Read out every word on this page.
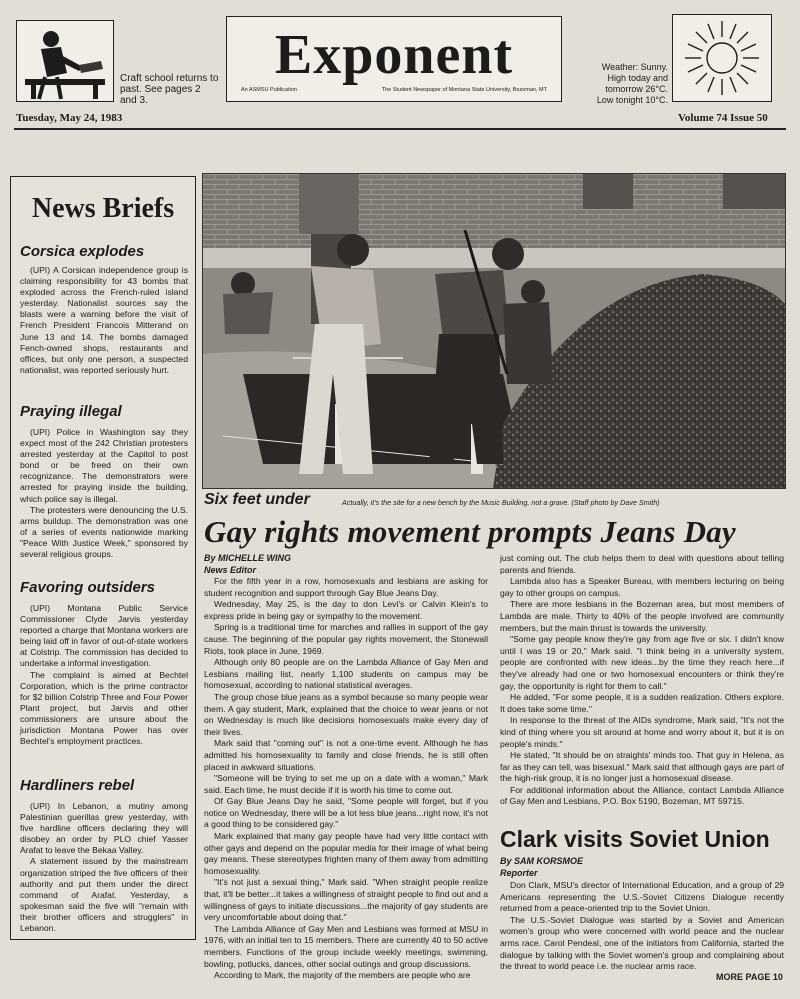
Craft school returns to past. See pages 2 and 3.
Exponent
An ASMSU Publication	The Student Newspaper of Montana State University, Bozeman, MT
Weather: Sunny. High today and tomorrow 26°C. Low tonight 10°C.
Tuesday, May 24, 1983	Volume 74 Issue 50
News Briefs
Corsica explodes

(UPI) A Corsican independence group is claiming responsibility for 43 bombs that exploded across the French-ruled island yesterday. Nationalist sources say the blasts were a warning before the visit of French President Francois Mitterand on June 13 and 14. The bombs damaged Fench-owned shops, restaurants and offices, but only one person, a suspected nationalist, was reported seriously hurt.

Praying illegal

(UPI) Police in Washington say they expect most of the 242 Christian protesters arrested yesterday at the Capitol to post bond or be freed on their own recognizance. The demonstrators were arrested for praying inside the building, which police say is illegal.

The protesters were denouncing the U.S. arms buildup. The demonstration was one of a series of events nationwide marking "Peace With Justice Week," sponsored by several religious groups.

Favoring outsiders

(UPI) Montana Public Service Commissioner Clyde Jarvis yesterday reported a charge that Montana workers are being laid off in favor of out-of-state workers at Colstrip. The commission has decided to undertake a informal investigation.

The complaint is aimed at Bechtel Corporation, which is the prime contractor for $2 billion Colstrip Three and Four Power Plant project, but Jarvis and other commissioners are unsure about the jurisdiction Montana Power has over Bechtel's employment practices.

Hardliners rebel

(UPI) In Lebanon, a mutiny among Palestinian guerillas grew yesterday, with five hardline officers declaring they will disobey an order by PLO chief Yasser Arafat to leave the Bekaa Valley.

A statement issued by the mainstream organization striped the five officers of their authority and put them under the direct command of Arafat. Yesterday, a spokesman said the five will "remain with their brother officers and strugglers" in Lebanon.

Six feet under	Actually, it's the site for a new bench by the Music Building, not a grave. (Staff photo by Dave Smith)
Gay rights movement prompts Jeans Day
By MICHELLE WING
News Editor

For the fifth year in a row, homosexuals and lesbians are asking for student recognition and support through Gay Blue Jeans Day.

Wednesday, May 25, is the day to don Levi's or Calvin Klein's to express pride in being gay or sympathy to the movement.

Spring is a traditional time for marches and rallies in support of the gay cause. The beginning of the popular gay rights movement, the Stonewall Riots, took place in June, 1969.

Although only 80 people are on the Lambda Alliance of Gay Men and Lesbians mailing list, nearly 1,100 students on campus may be homosexual, according to national statistical averages.

The group chose blue jeans as a symbol because so many people wear them. A gay student, Mark, explained that the choice to wear jeans or not on Wednesday is much like decisions homosexuals make every day of their lives.

Mark said that "coming out" is not a one-time event. Although he has admitted his homosexuality to family and close friends, he is still often placed in awkward situations.

"Someone will be trying to set me up on a date with a woman," Mark said. Each time, he must decide if it is worth his time to come out.

Of Gay Blue Jeans Day he said, "Some people will forget, but if you notice on Wednesday, there will be a lot less blue jeans...right now, it's not a good thing to be considered gay."

Mark explained that many gay people have had very little contact with other gays and depend on the popular media for their image of what being gay means. These stereotypes frighten many of them away from admitting homosexuality.

"It's not just a sexual thing," Mark said. "When straight people realize that, it'll be better...it takes a willingness of straight people to find out and a willingness of gays to initiate discussions...the majority of gay students are very uncomfortable about doing that."

The Lambda Alliance of Gay Men and Lesbians was formed at MSU in 1976, with an initial ten to 15 members. There are currently 40 to 50 active members. Functions of the group include weekly meetings, swimming, bowling, potlucks, dances, other social outings and group discussions.

According to Mark, the majority of the members are people who are

just coming out. The club helps them to deal with questions about telling parents and friends.

Lambda also has a Speaker Bureau, with members lecturing on being gay to other groups on campus.

There are more lesbians in the Bozeman area, but most members of Lambda are male. Thirty to 40% of the people involved are community members, but the main thrust is towards the university.

"Some gay people know they're gay from age five or six. I didn't know until I was 19 or 20," Mark said. "I think being in a university system, people are confronted with new ideas...by the time they reach here...if they've already had one or two homosexual encounters or think they're gay, the opportunity is right for them to call."

He added, "For some people, it is a sudden realization. Others explore. It does take some time."

In response to the threat of the AIDs syndrome, Mark said, "It's not the kind of thing where you sit around at home and worry about it, but it is on people's minds."

He stated, "It should be on straights' minds too. That guy in Helena, as far as they can tell, was bisexual." Mark said that although gays are part of the high-risk group, it is no longer just a homosexual disease.

For additional information about the Alliance, contact Lambda Alliance of Gay Men and Lesbians, P.O. Box 5190, Bozeman, MT 59715.

Clark visits Soviet Union
By SAM KORSMOE
Reporter

Don Clark, MSU's director of International Education, and a group of 29 Americans representing the U.S.-Soviet Citizens Dialogue recently returned from a peace-oriented trip to the Soviet Union.

The U.S.-Soviet Dialogue was started by a Soviet and American women's group who were concerned with world peace and the nuclear arms race. Carol Pendeal, one of the initiators from California, started the dialogue by talking with the Soviet women's group and complaining about the threat to world peace i.e. the nuclear arms race.

MORE PAGE 10
